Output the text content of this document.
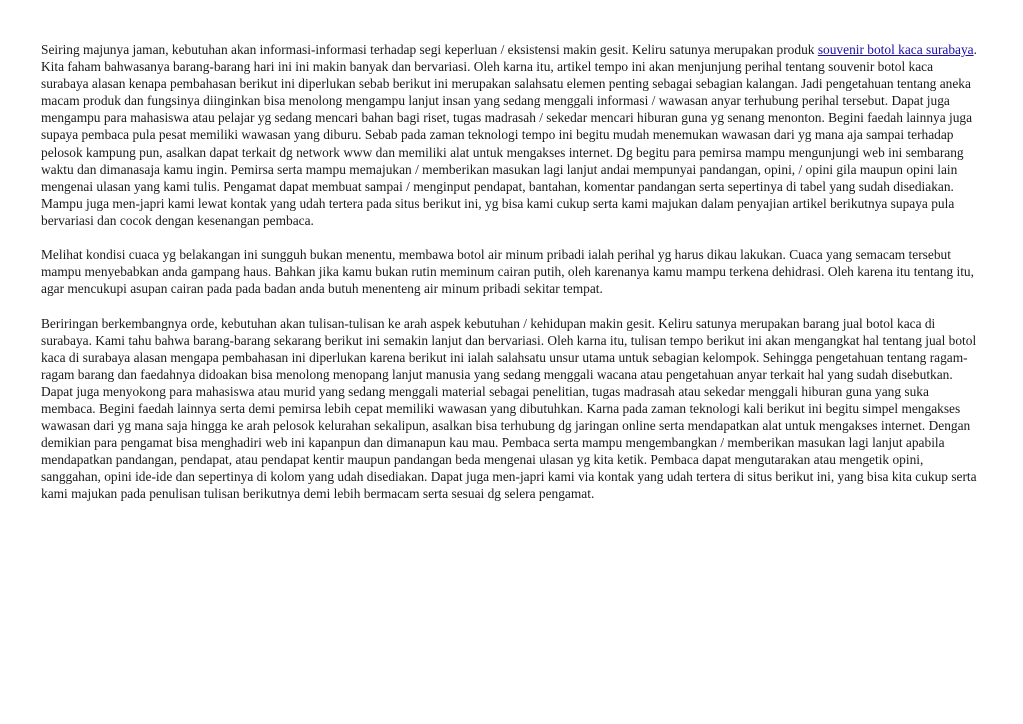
Seiring majunya jaman, kebutuhan akan informasi-informasi terhadap segi keperluan / eksistensi makin gesit. Keliru satunya merupakan produk souvenir botol kaca surabaya. Kita faham bahwasanya barang-barang hari ini ini makin banyak dan bervariasi. Oleh karna itu, artikel tempo ini akan menjunjung perihal tentang souvenir botol kaca surabaya alasan kenapa pembahasan berikut ini diperlukan sebab berikut ini merupakan salahsatu elemen penting sebagai sebagian kalangan. Jadi pengetahuan tentang aneka macam produk dan fungsinya diinginkan bisa menolong mengampu lanjut insan yang sedang menggali informasi / wawasan anyar terhubung perihal tersebut. Dapat juga mengampu para mahasiswa atau pelajar yg sedang mencari bahan bagi riset, tugas madrasah / sekedar mencari hiburan guna yg senang menonton. Begini faedah lainnya juga supaya pembaca pula pesat memiliki wawasan yang diburu. Sebab pada zaman teknologi tempo ini begitu mudah menemukan wawasan dari yg mana aja sampai terhadap pelosok kampung pun, asalkan dapat terkait dg network www dan memiliki alat untuk mengakses internet. Dg begitu para pemirsa mampu mengunjungi web ini sembarang waktu dan dimanasaja kamu ingin. Pemirsa serta mampu memajukan / memberikan masukan lagi lanjut andai mempunyai pandangan, opini, / opini gila maupun opini lain mengenai ulasan yang kami tulis. Pengamat dapat membuat sampai / menginput pendapat, bantahan, komentar pandangan serta sepertinya di tabel yang sudah disediakan. Mampu juga men-japri kami lewat kontak yang udah tertera pada situs berikut ini, yg bisa kami cukup serta kami majukan dalam penyajian artikel berikutnya supaya pula bervariasi dan cocok dengan kesenangan pembaca.

Melihat kondisi cuaca yg belakangan ini sungguh bukan menentu, membawa botol air minum pribadi ialah perihal yg harus dikau lakukan. Cuaca yang semacam tersebut mampu menyebabkan anda gampang haus. Bahkan jika kamu bukan rutin meminum cairan putih, oleh karenanya kamu mampu terkena dehidrasi. Oleh karena itu tentang itu, agar mencukupi asupan cairan pada pada badan anda butuh menenteng air minum pribadi sekitar tempat.

Beriringan berkembangnya orde, kebutuhan akan tulisan-tulisan ke arah aspek kebutuhan / kehidupan makin gesit. Keliru satunya merupakan barang jual botol kaca di surabaya. Kami tahu bahwa barang-barang sekarang berikut ini semakin lanjut dan bervariasi. Oleh karna itu, tulisan tempo berikut ini akan mengangkat hal tentang jual botol kaca di surabaya alasan mengapa pembahasan ini diperlukan karena berikut ini ialah salahsatu unsur utama untuk sebagian kelompok. Sehingga pengetahuan tentang ragam-ragam barang dan faedahnya didoakan bisa menolong menopang lanjut manusia yang sedang menggali wacana atau pengetahuan anyar terkait hal yang sudah disebutkan. Dapat juga menyokong para mahasiswa atau murid yang sedang menggali material sebagai penelitian, tugas madrasah atau sekedar menggali hiburan guna yang suka membaca. Begini faedah lainnya serta demi pemirsa lebih cepat memiliki wawasan yang dibutuhkan. Karna pada zaman teknologi kali berikut ini begitu simpel mengakses wawasan dari yg mana saja hingga ke arah pelosok kelurahan sekalipun, asalkan bisa terhubung dg jaringan online serta mendapatkan alat untuk mengakses internet. Dengan demikian para pengamat bisa menghadiri web ini kapanpun dan dimanapun kau mau. Pembaca serta mampu mengembangkan / memberikan masukan lagi lanjut apabila mendapatkan pandangan, pendapat, atau pendapat kentir maupun pandangan beda mengenai ulasan yg kita ketik. Pembaca dapat mengutarakan atau mengetik opini, sanggahan, opini ide-ide dan sepertinya di kolom yang udah disediakan. Dapat juga men-japri kami via kontak yang udah tertera di situs berikut ini, yang bisa kita cukup serta kami majukan pada penulisan tulisan berikutnya demi lebih bermacam serta sesuai dg selera pengamat.
